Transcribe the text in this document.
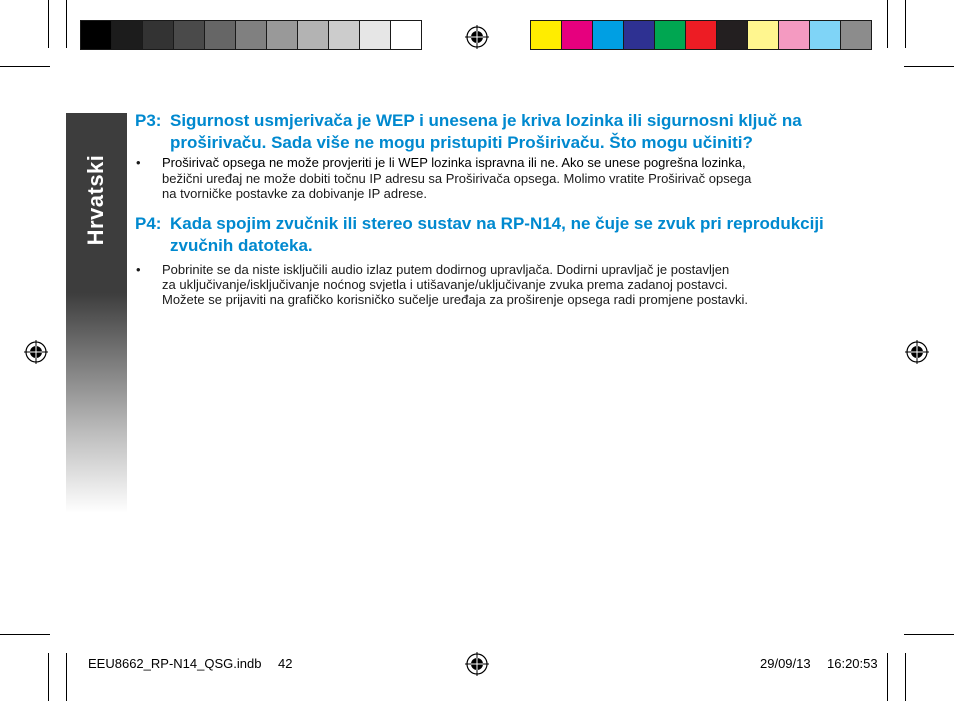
Hrvatski
P3: Sigurnost usmjerivača je WEP i unesena je kriva lozinka ili sigurnosni ključ na
proširivaču. Sada više ne mogu pristupiti Proširivaču. Što mogu učiniti?
• Proširivač opsega ne može provjeriti je li WEP lozinka ispravna ili ne. Ako se unese pogrešna lozinka,
bežični uređaj ne može dobiti točnu IP adresu sa Proširivača opsega. Molimo vratite Proširivač opsega
na tvorničke postavke za dobivanje IP adrese.
P4: Kada spojim zvučnik ili stereo sustav na RP-N14, ne čuje se zvuk pri reprodukciji
zvučnih datoteka.
• Pobrinite se da niste isključili audio izlaz putem dodirnog upravljača. Dodirni upravljač je postavljen
za uključivanje/isključivanje noćnog svjetla i utišavanje/uključivanje zvuka prema zadanoj postavci.
Možete se prijaviti na grafičko korisničko sučelje uređaja za proširenje opsega radi promjene postavki.
EEU8662_RP-N14_QSG.indb 42	29/09/13 16:20:53
